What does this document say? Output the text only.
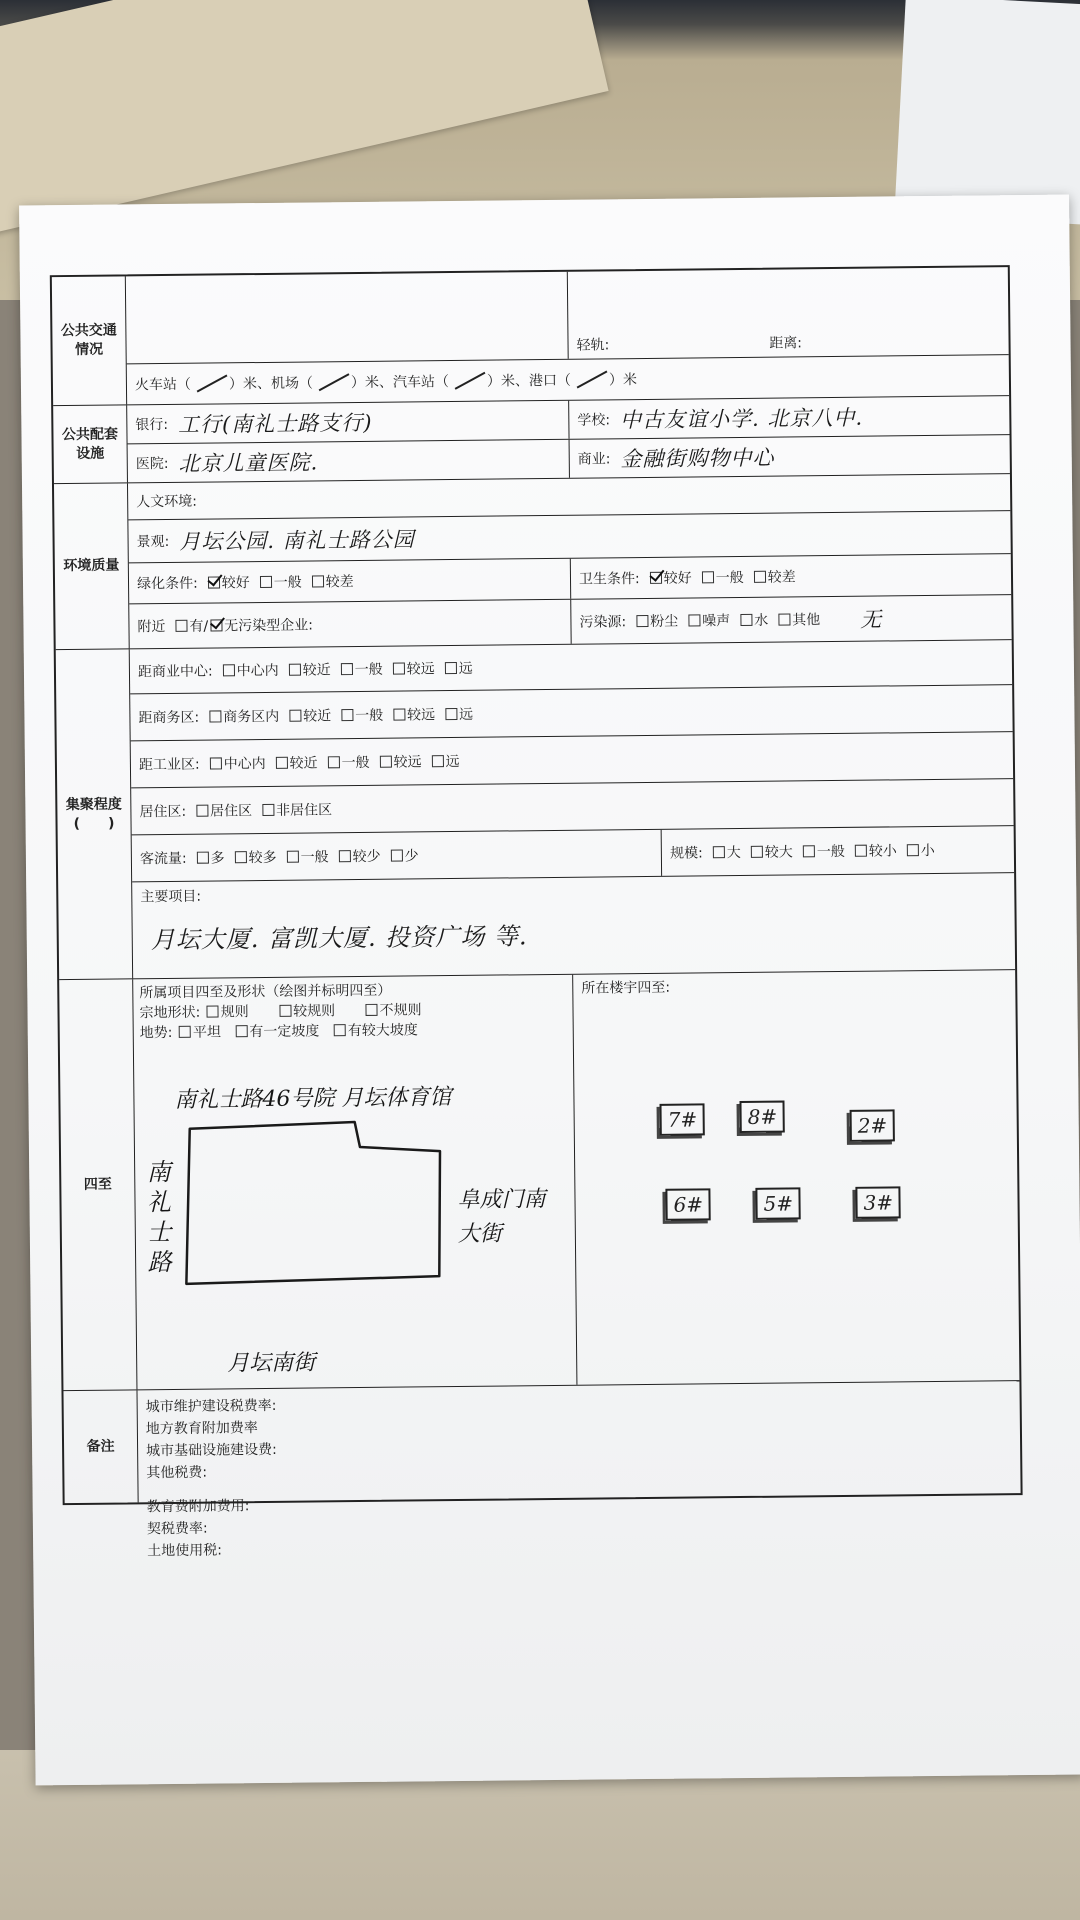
公共交通情况	轻轨:	距离:
火车站（	）米、机场（	）米、汽车站（	）米、港口（	）米
公共配套设施
银行: 工行(南礼士路支行)	学校: 中古友谊小学. 北京八中.
医院: 北京儿童医院.	商业: 金融街购物中心
环境质量
人文环境:
景观: 月坛公园. 南礼士路公园
绿化条件: 较好 一般 较差	卫生条件: 较好 一般 较差
附近 有/ 无污染型企业:	污染源: 粉尘 噪声 水 其他 无
集聚程度
(　　)
距商业中心: 中心内 较近 一般 较远 远
距商务区: 商务区内 较近 一般 较远 远
距工业区: 中心内 较近 一般 较远 远
居住区: 居住区 非居住区
客流量: 多 较多 一般 较少 少	规模: 大 较大 一般 较小 小
主要项目:
月坛大厦. 富凯大厦. 投资广场 等.
四至
所属项目四至及形状（绘图并标明四至）
宗地形状: 规则	较规则	不规则
地势: 平坦 有一定坡度 有较大坡度
南礼士路46号院 月坛体育馆
南礼士路	阜成门南大街
月坛南街
所在楼宇四至:
7#	8#	2#
6#	5#	3#
备注
城市维护建设税费率:
地方教育附加费率
城市基础设施建设费:
其他税费:
教育费附加费用:
契税费率:
土地使用税:
